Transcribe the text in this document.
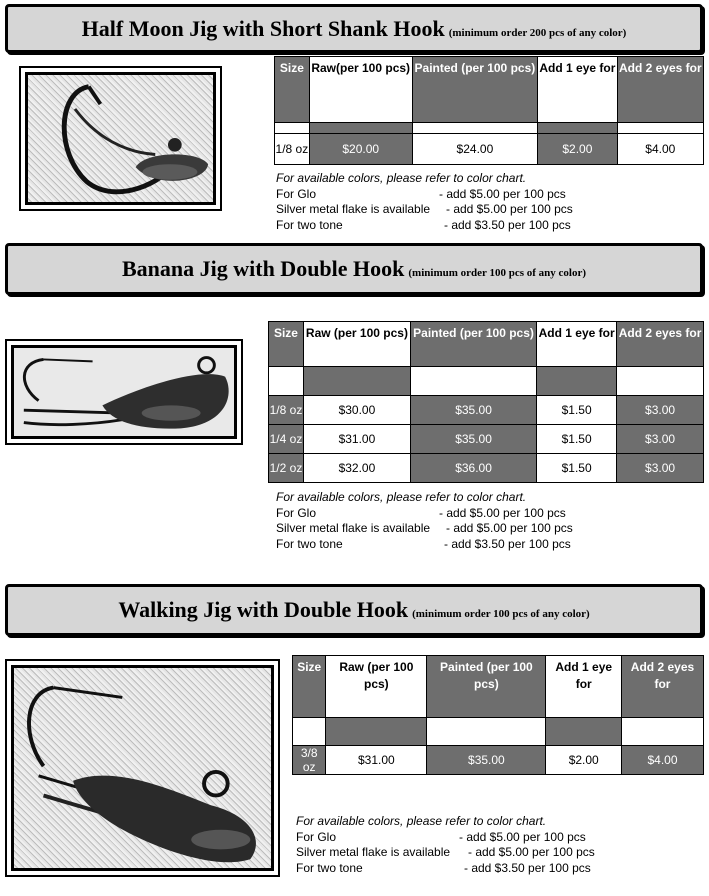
Half Moon Jig with Short Shank Hook (minimum order 200 pcs of any color)
Size	Raw(per 100 pcs)	Painted (per 100 pcs)	Add 1 eye for	Add 2 eyes for

1/8 oz	$20.00	$24.00	$2.00	$4.00
For available colors, please refer to color chart.
For Glo	- add $5.00 per 100 pcs
Silver metal flake is available - add $5.00 per 100 pcs
For two tone	- add $3.50 per 100 pcs
Banana Jig with Double Hook (minimum order 100 pcs of any color)
Size	Raw (per 100 pcs)	Painted (per 100 pcs)	Add 1 eye for	Add 2 eyes for

1/8 oz	$30.00	$35.00	$1.50	$3.00
1/4 oz	$31.00	$35.00	$1.50	$3.00
1/2 oz	$32.00	$36.00	$1.50	$3.00
For available colors, please refer to color chart.
For Glo	- add $5.00 per 100 pcs
Silver metal flake is available - add $5.00 per 100 pcs
For two tone	- add $3.50 per 100 pcs
Walking Jig with Double Hook (minimum order 100 pcs of any color)
Size	Raw (per 100 pcs)	Painted (per 100 pcs)	Add 1 eye for	Add 2 eyes for

3/8 oz	$31.00	$35.00	$2.00	$4.00
For available colors, please refer to color chart.
For Glo	- add $5.00 per 100 pcs
Silver metal flake is available - add $5.00 per 100 pcs
For two tone	- add $3.50 per 100 pcs
